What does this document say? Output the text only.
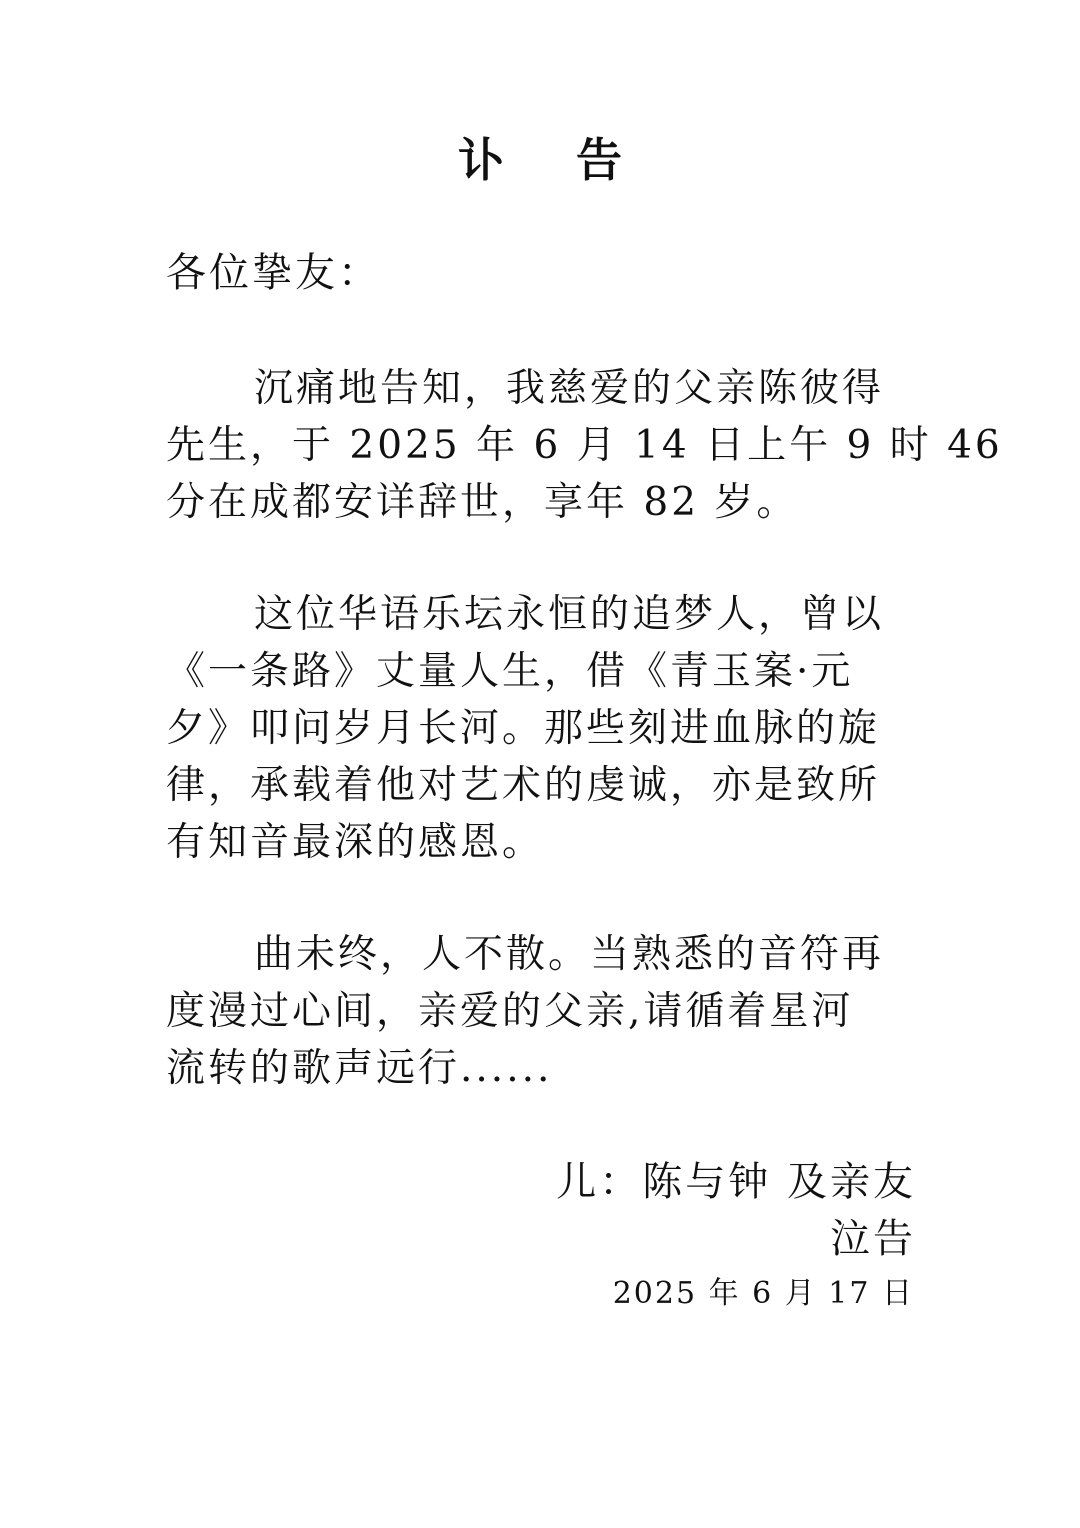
讣 告
各位挚友：
沉痛地告知，我慈爱的父亲陈彼得
先生，于 2025 年 6 月 14 日上午 9 时 46
分在成都安详辞世，享年 82 岁。
这位华语乐坛永恒的追梦人，曾以
《一条路》丈量人生，借《青玉案·元
夕》叩问岁月长河。那些刻进血脉的旋
律，承载着他对艺术的虔诚，亦是致所
有知音最深的感恩。
曲未终，人不散。当熟悉的音符再
度漫过心间，亲爱的父亲,请循着星河
流转的歌声远行......
儿：陈与钟 及亲友
泣告
2025 年 6 月 17 日
